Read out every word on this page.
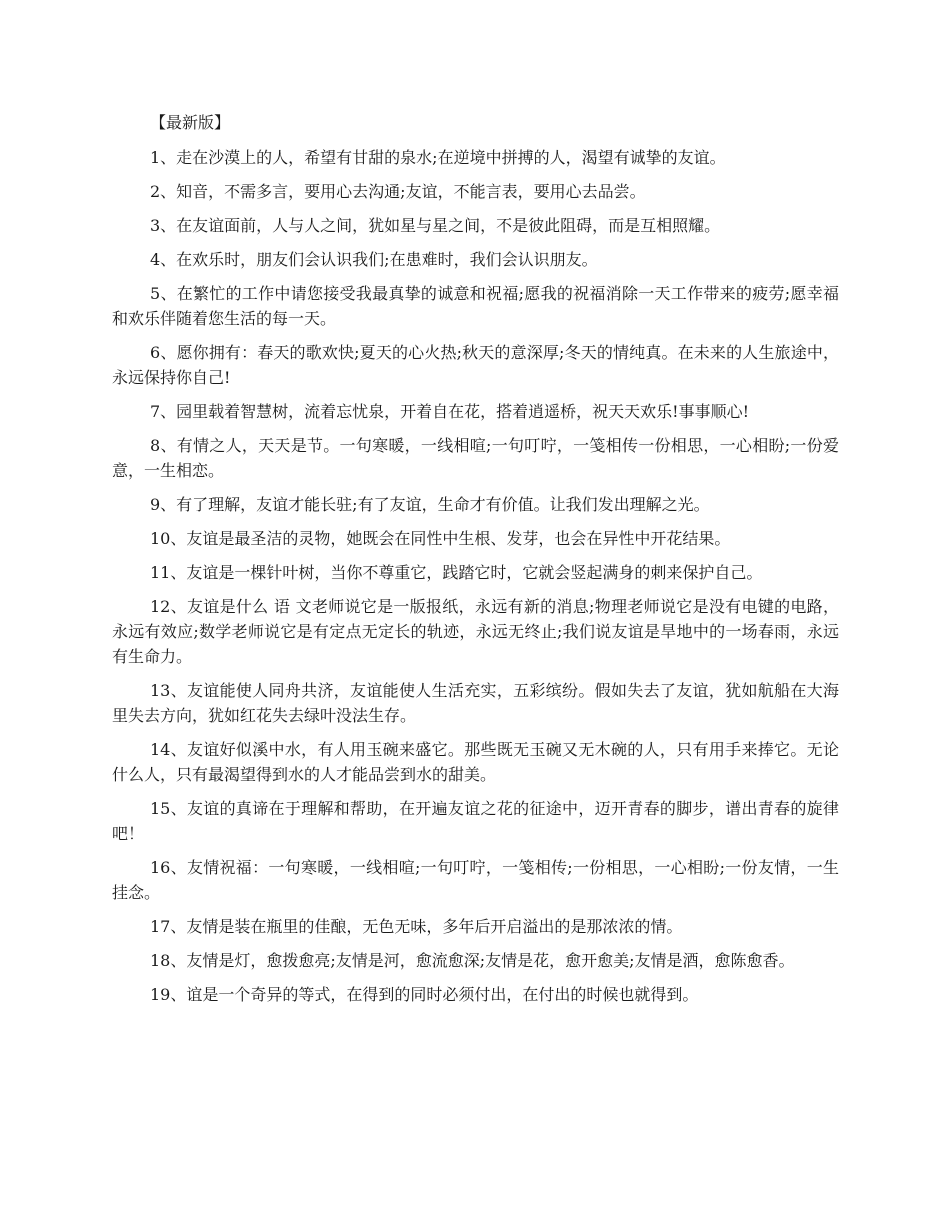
【最新版】

1、走在沙漠上的人，希望有甘甜的泉水;在逆境中拼搏的人，渴望有诚挚的友谊。

2、知音，不需多言，要用心去沟通;友谊，不能言表，要用心去品尝。

3、在友谊面前，人与人之间，犹如星与星之间，不是彼此阻碍，而是互相照耀。

4、在欢乐时，朋友们会认识我们;在患难时，我们会认识朋友。

5、在繁忙的工作中请您接受我最真挚的诚意和祝福;愿我的祝福消除一天工作带来的疲劳;愿幸福和欢乐伴随着您生活的每一天。

6、愿你拥有：春天的歌欢快;夏天的心火热;秋天的意深厚;冬天的情纯真。在未来的人生旅途中，永远保持你自己!

7、园里载着智慧树，流着忘忧泉，开着自在花，搭着逍遥桥，祝天天欢乐!事事顺心!

8、有情之人，天天是节。一句寒暖，一线相喧;一句叮咛，一笺相传一份相思，一心相盼;一份爱意，一生相恋。

9、有了理解，友谊才能长驻;有了友谊，生命才有价值。让我们发出理解之光。

10、友谊是最圣洁的灵物，她既会在同性中生根、发芽，也会在异性中开花结果。

11、友谊是一棵针叶树，当你不尊重它，践踏它时，它就会竖起满身的刺来保护自己。

12、友谊是什么 语 文老师说它是一版报纸，永远有新的消息;物理老师说它是没有电键的电路，永远有效应;数学老师说它是有定点无定长的轨迹，永远无终止;我们说友谊是旱地中的一场春雨，永远有生命力。

13、友谊能使人同舟共济，友谊能使人生活充实，五彩缤纷。假如失去了友谊，犹如航船在大海里失去方向，犹如红花失去绿叶没法生存。

14、友谊好似溪中水，有人用玉碗来盛它。那些既无玉碗又无木碗的人，只有用手来捧它。无论什么人，只有最渴望得到水的人才能品尝到水的甜美。

15、友谊的真谛在于理解和帮助，在开遍友谊之花的征途中，迈开青春的脚步，谱出青春的旋律吧！

16、友情祝福：一句寒暖，一线相喧;一句叮咛，一笺相传;一份相思，一心相盼;一份友情，一生挂念。

17、友情是装在瓶里的佳酿，无色无味，多年后开启溢出的是那浓浓的情。

18、友情是灯，愈拨愈亮;友情是河，愈流愈深;友情是花，愈开愈美;友情是酒，愈陈愈香。

19、谊是一个奇异的等式，在得到的同时必须付出，在付出的时候也就得到。
